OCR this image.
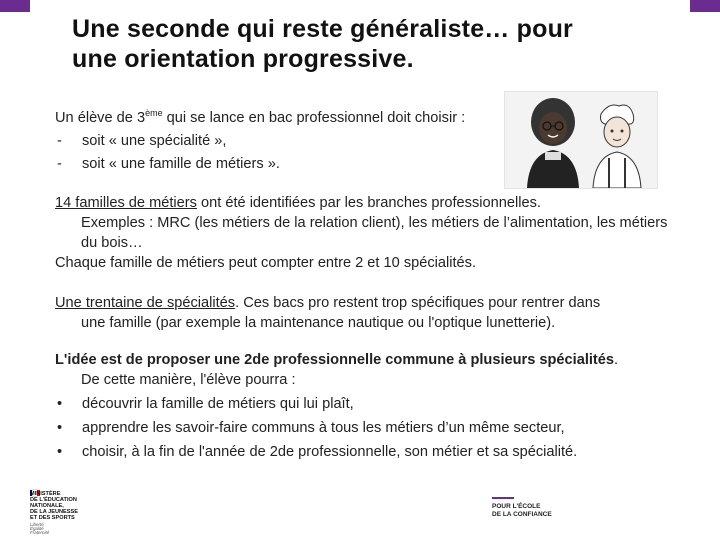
Une seconde qui reste généraliste… pour
une orientation progressive.
Un élève de 3ème qui se lance en bac professionnel doit choisir :
- soit « une spécialité »,
- soit « une famille de métiers ».
14 familles de métiers ont été identifiées par les branches professionnelles.
Exemples : MRC (les métiers de la relation client), les métiers de l’alimentation, les métiers du bois…
Chaque famille de métiers peut compter entre 2 et 10 spécialités.
Une trentaine de spécialités. Ces bacs pro restent trop spécifiques pour rentrer dans
une famille (par exemple la maintenance nautique ou l'optique lunetterie).
L'idée est de proposer une 2de professionnelle commune à plusieurs spécialités.
De cette manière, l'élève pourra :
• découvrir la famille de métiers qui lui plaît,
• apprendre les savoir-faire communs à tous les métiers d’un même secteur,
• choisir, à la fin de l'année de 2de professionnelle, son métier et sa spécialité.
MINISTÈRE
DE L'ÉDUCATION
NATIONALE,
DE LA JEUNESSE
ET DES SPORTS
Liberté
Égalité
Fraternité
POUR L'ÉCOLE
DE LA CONFIANCE
